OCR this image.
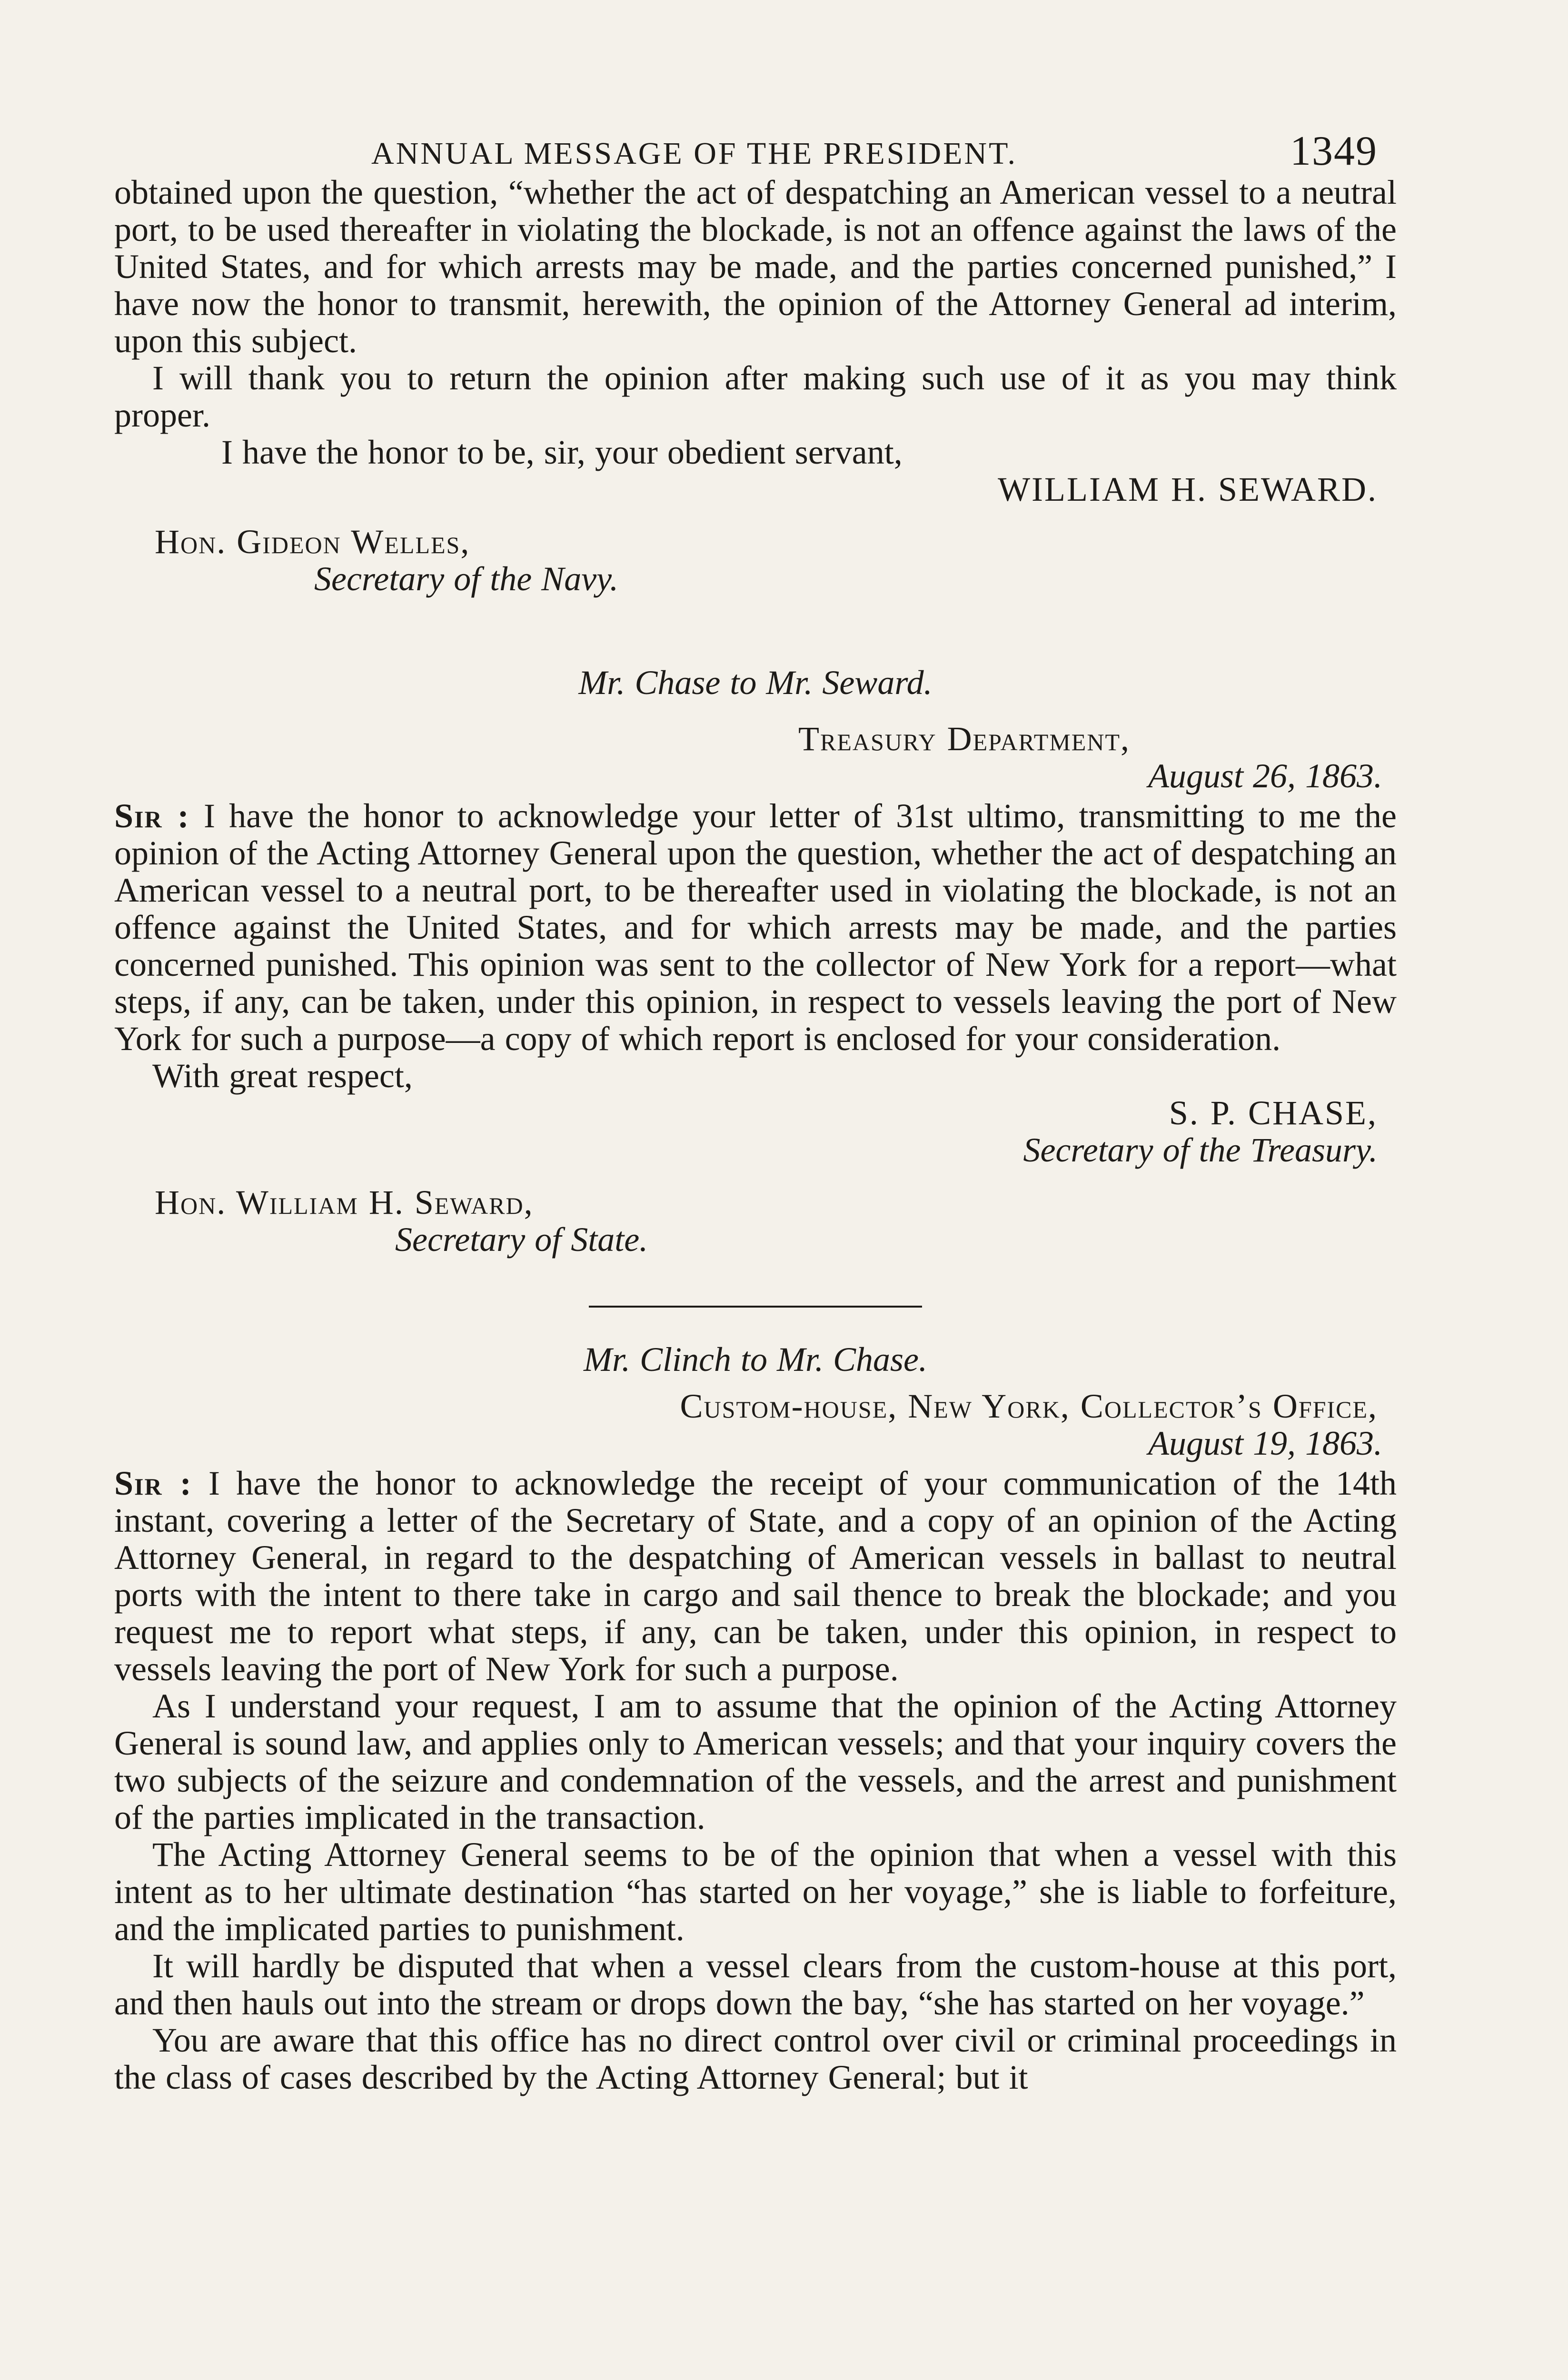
ANNUAL MESSAGE OF THE PRESIDENT.	1349

obtained upon the question, “whether the act of despatching an American vessel to a neutral port, to be used thereafter in violating the blockade, is not an offence against the laws of the United States, and for which arrests may be made, and the parties concerned punished,” I have now the honor to transmit, herewith, the opinion of the Attorney General ad interim, upon this subject.

I will thank you to return the opinion after making such use of it as you may think proper.

I have the honor to be, sir, your obedient servant,

WILLIAM H. SEWARD.

Hon. Gideon Welles,

Secretary of the Navy.

Mr. Chase to Mr. Seward.

Treasury Department,

August 26, 1863.

Sir : I have the honor to acknowledge your letter of 31st ultimo, transmitting to me the opinion of the Acting Attorney General upon the question, whether the act of despatching an American vessel to a neutral port, to be thereafter used in violating the blockade, is not an offence against the United States, and for which arrests may be made, and the parties concerned punished. This opinion was sent to the collector of New York for a report—what steps, if any, can be taken, under this opinion, in respect to vessels leaving the port of New York for such a purpose—a copy of which report is enclosed for your consideration.

With great respect,

S. P. CHASE,

Secretary of the Treasury.

Hon. William H. Seward,

Secretary of State.

Mr. Clinch to Mr. Chase.

Custom-house, New York, Collector’s Office,

August 19, 1863.

Sir : I have the honor to acknowledge the receipt of your communication of the 14th instant, covering a letter of the Secretary of State, and a copy of an opinion of the Acting Attorney General, in regard to the despatching of American vessels in ballast to neutral ports with the intent to there take in cargo and sail thence to break the blockade; and you request me to report what steps, if any, can be taken, under this opinion, in respect to vessels leaving the port of New York for such a purpose.

As I understand your request, I am to assume that the opinion of the Acting Attorney General is sound law, and applies only to American vessels; and that your inquiry covers the two subjects of the seizure and condemnation of the vessels, and the arrest and punishment of the parties implicated in the transaction.

The Acting Attorney General seems to be of the opinion that when a vessel with this intent as to her ultimate destination “has started on her voyage,” she is liable to forfeiture, and the implicated parties to punishment.

It will hardly be disputed that when a vessel clears from the custom-house at this port, and then hauls out into the stream or drops down the bay, “she has started on her voyage.”

You are aware that this office has no direct control over civil or criminal proceedings in the class of cases described by the Acting Attorney General; but it
